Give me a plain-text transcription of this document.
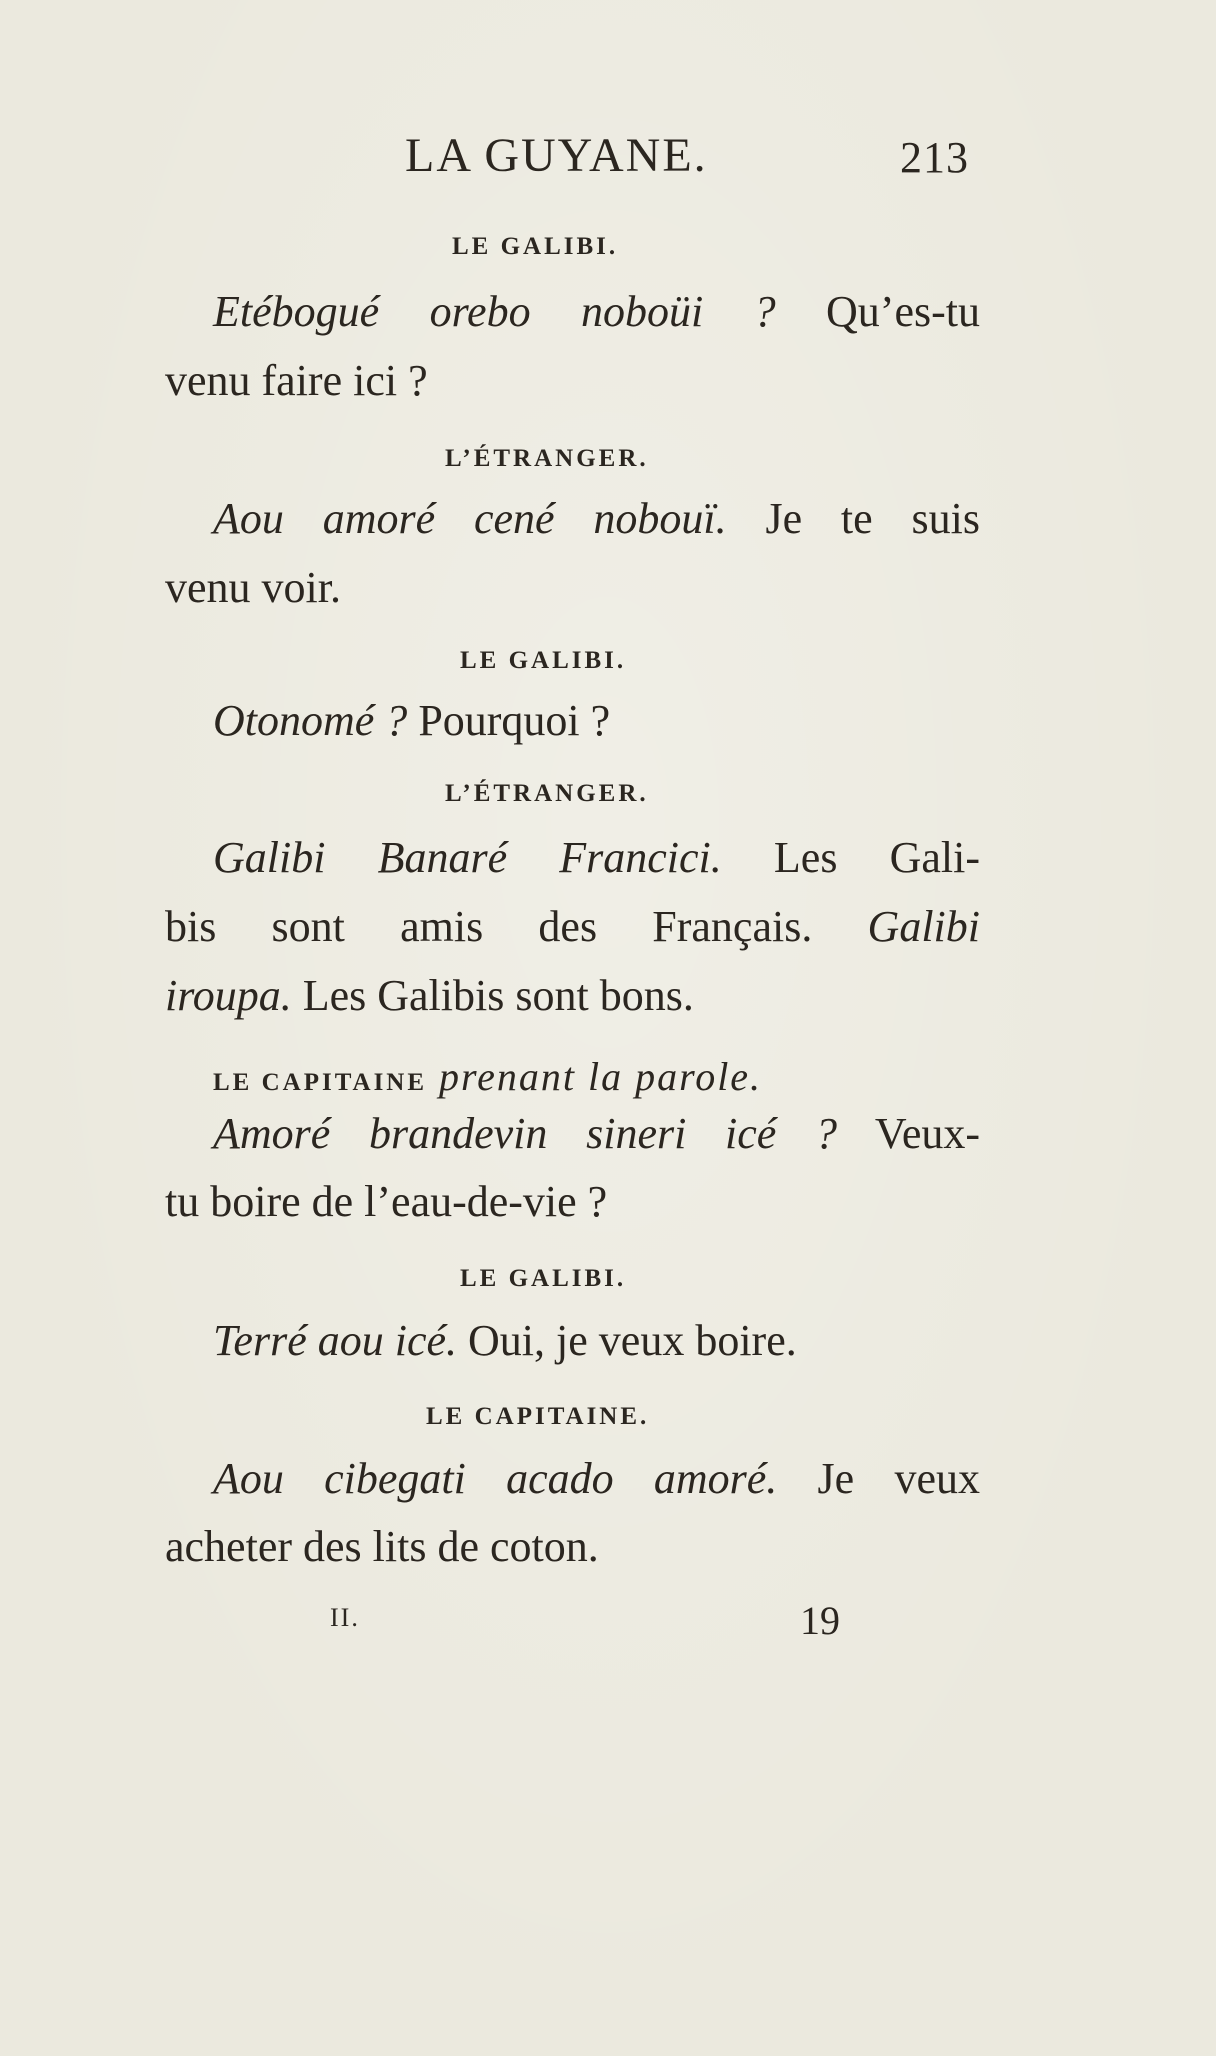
LA GUYANE.	213
LE GALIBI.
Etébogué orebo noboüi ? Qu’es-tu
venu faire ici ?
L’ÉTRANGER.
Aou amoré cené nobouï. Je te suis
venu voir.
LE GALIBI.
Otonomé ? Pourquoi ?
L’ÉTRANGER.
Galibi Banaré Francici. Les Gali-
bis sont amis des Français. Galibi
iroupa. Les Galibis sont bons.
LE CAPITAINE prenant la parole.
Amoré brandevin sineri icé ? Veux-
tu boire de l’eau-de-vie ?
LE GALIBI.
Terré aou icé. Oui, je veux boire.
LE CAPITAINE.
Aou cibegati acado amoré. Je veux
acheter des lits de coton.
II.	19
